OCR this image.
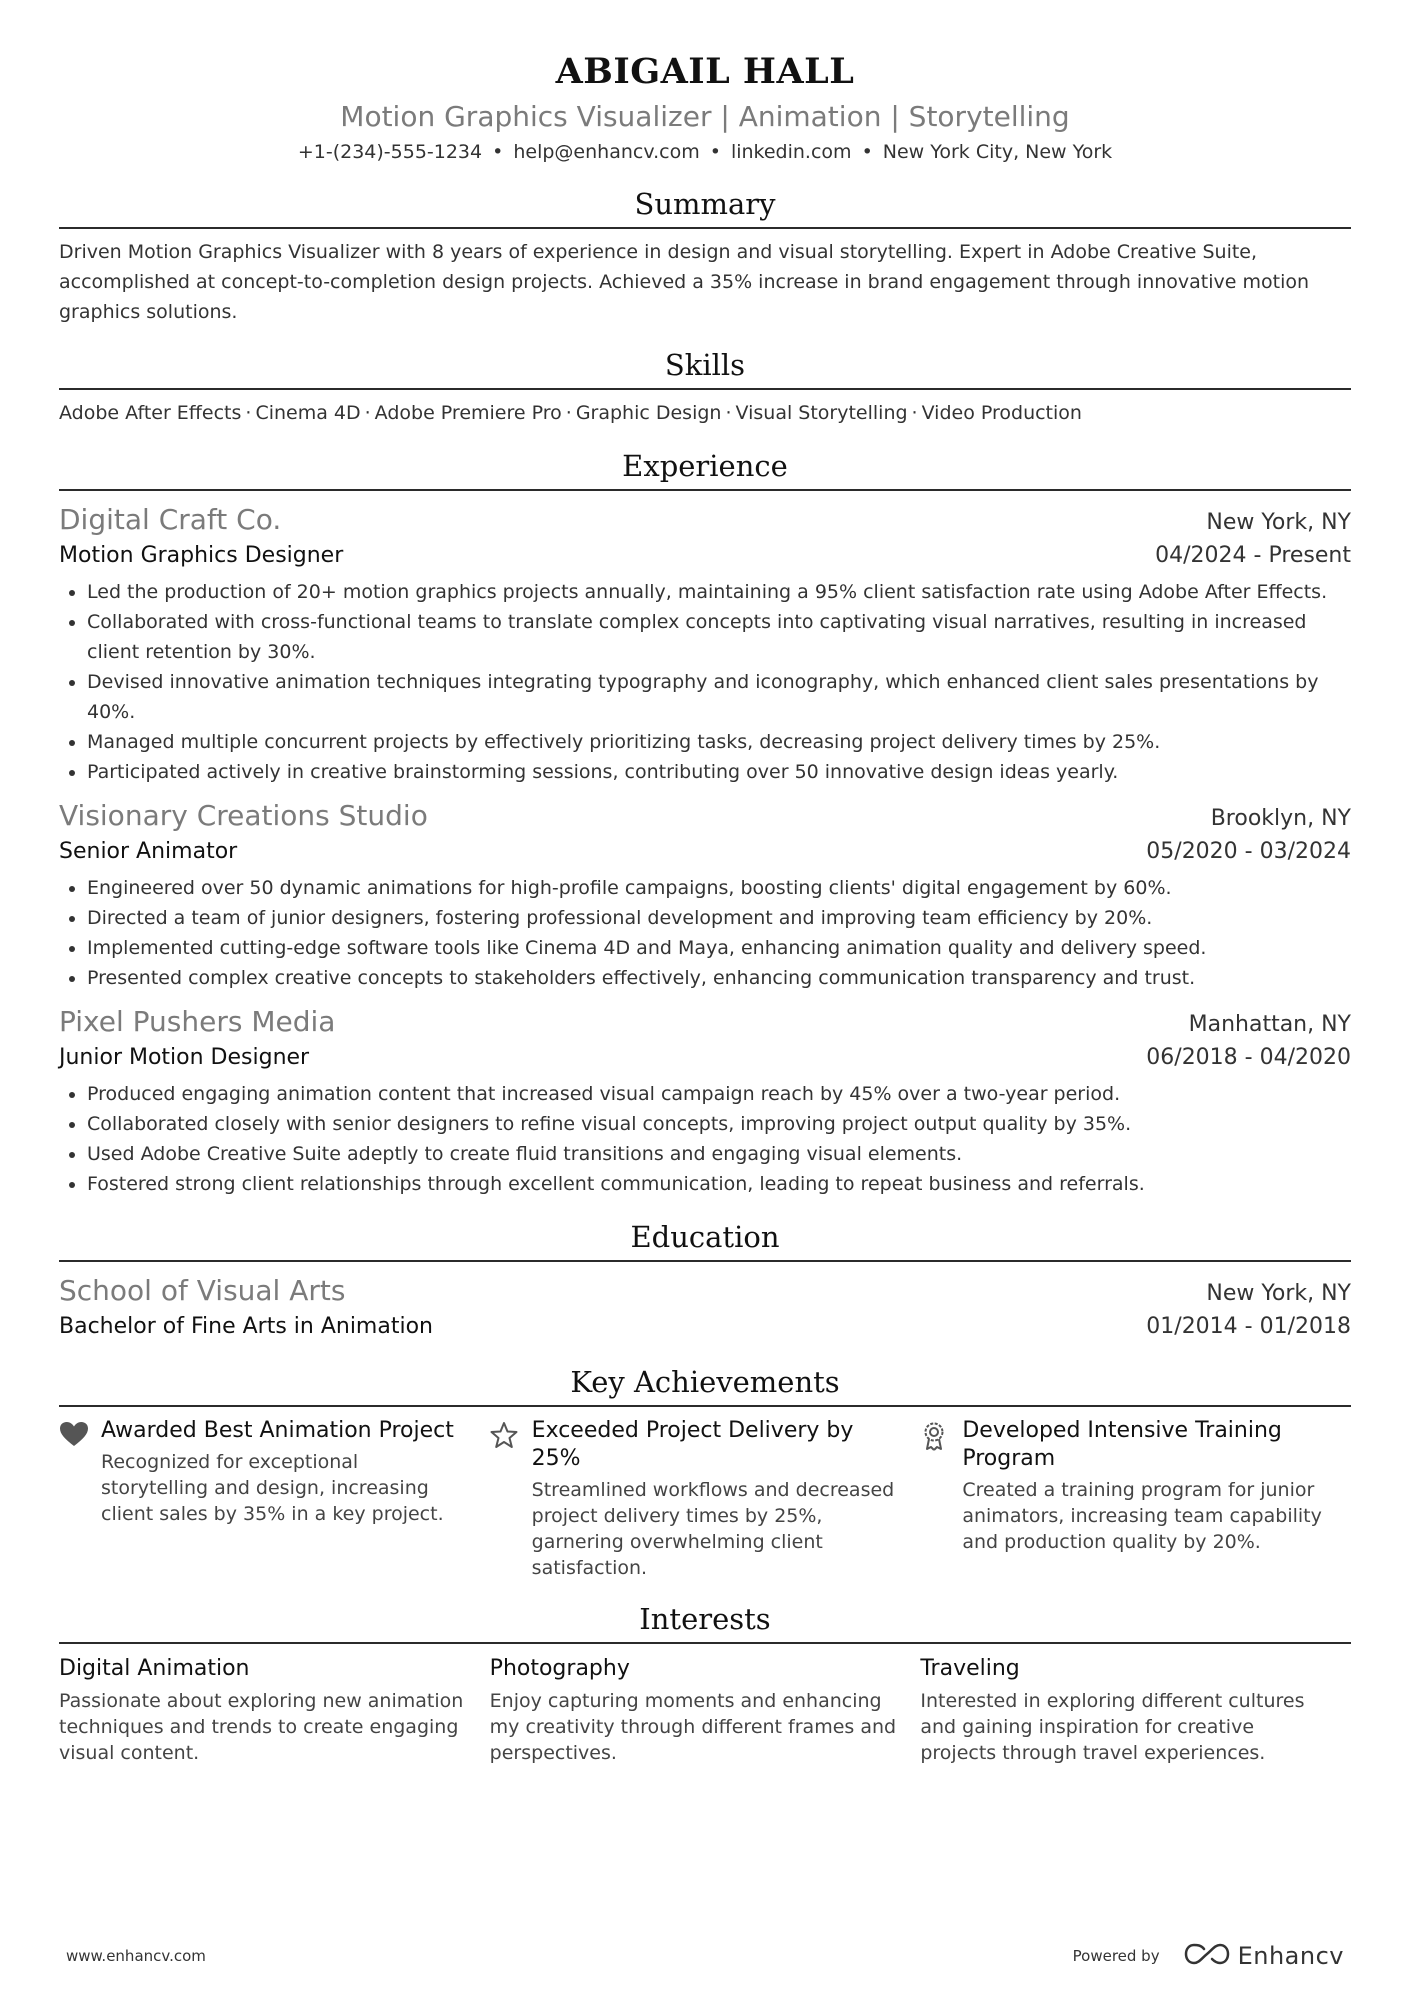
ABIGAIL HALL
Motion Graphics Visualizer | Animation | Storytelling
+1-(234)-555-1234 • help@enhancv.com • linkedin.com • New York City, New York
Summary
Driven Motion Graphics Visualizer with 8 years of experience in design and visual storytelling. Expert in Adobe Creative Suite, accomplished at concept-to-completion design projects. Achieved a 35% increase in brand engagement through innovative motion graphics solutions.
Skills
Adobe After Effects · Cinema 4D · Adobe Premiere Pro · Graphic Design · Visual Storytelling · Video Production
Experience
Digital Craft Co.	New York, NY
Motion Graphics Designer	04/2024 - Present
• Led the production of 20+ motion graphics projects annually, maintaining a 95% client satisfaction rate using Adobe After Effects.
• Collaborated with cross-functional teams to translate complex concepts into captivating visual narratives, resulting in increased client retention by 30%.
• Devised innovative animation techniques integrating typography and iconography, which enhanced client sales presentations by 40%.
• Managed multiple concurrent projects by effectively prioritizing tasks, decreasing project delivery times by 25%.
• Participated actively in creative brainstorming sessions, contributing over 50 innovative design ideas yearly.
Visionary Creations Studio	Brooklyn, NY
Senior Animator	05/2020 - 03/2024
• Engineered over 50 dynamic animations for high-profile campaigns, boosting clients' digital engagement by 60%.
• Directed a team of junior designers, fostering professional development and improving team efficiency by 20%.
• Implemented cutting-edge software tools like Cinema 4D and Maya, enhancing animation quality and delivery speed.
• Presented complex creative concepts to stakeholders effectively, enhancing communication transparency and trust.
Pixel Pushers Media	Manhattan, NY
Junior Motion Designer	06/2018 - 04/2020
• Produced engaging animation content that increased visual campaign reach by 45% over a two-year period.
• Collaborated closely with senior designers to refine visual concepts, improving project output quality by 35%.
• Used Adobe Creative Suite adeptly to create fluid transitions and engaging visual elements.
• Fostered strong client relationships through excellent communication, leading to repeat business and referrals.
Education
School of Visual Arts	New York, NY
Bachelor of Fine Arts in Animation	01/2014 - 01/2018
Key Achievements
Awarded Best Animation Project
Recognized for exceptional storytelling and design, increasing client sales by 35% in a key project.
Exceeded Project Delivery by 25%
Streamlined workflows and decreased project delivery times by 25%, garnering overwhelming client satisfaction.
Developed Intensive Training Program
Created a training program for junior animators, increasing team capability and production quality by 20%.
Interests
Digital Animation
Passionate about exploring new animation techniques and trends to create engaging visual content.
Photography
Enjoy capturing moments and enhancing my creativity through different frames and perspectives.
Traveling
Interested in exploring different cultures and gaining inspiration for creative projects through travel experiences.
www.enhancv.com	Powered by	Enhancv
